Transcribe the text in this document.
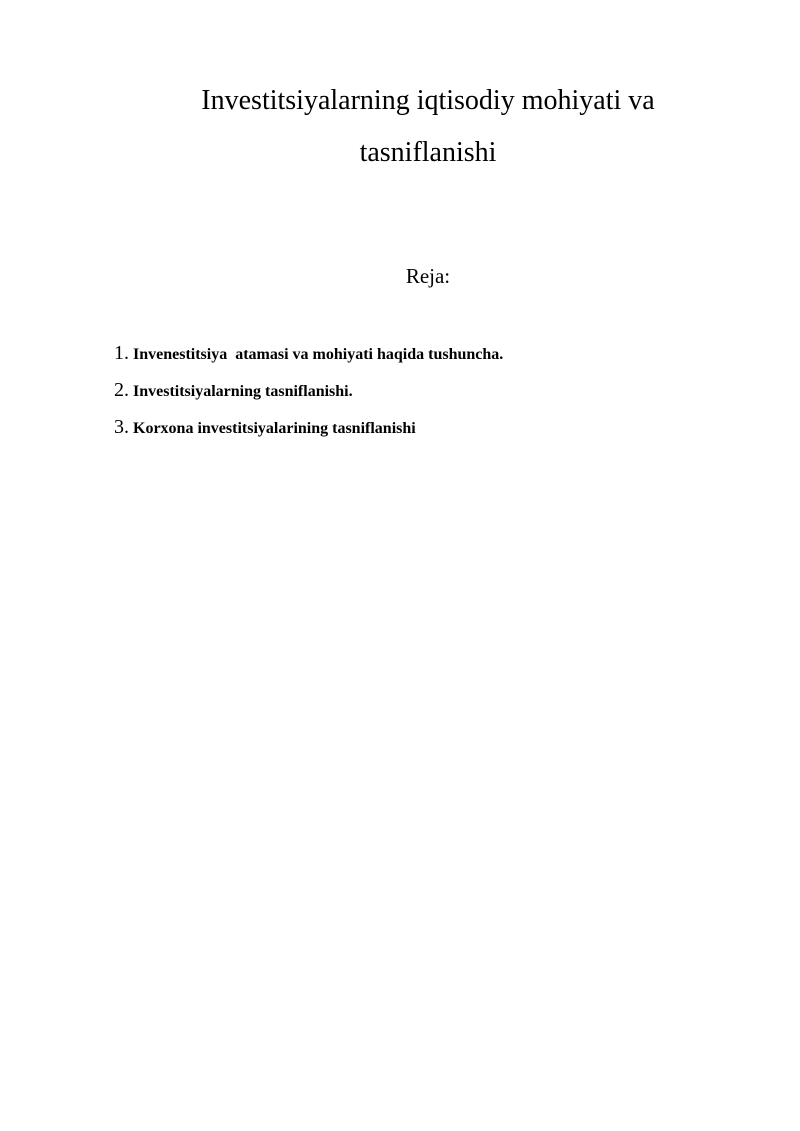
Investitsiyalarning iqtisodiy mohiyati va
tasniflanishi
Reja:
1. Invenestitsiya  atamasi va mohiyati haqida tushuncha.
2. Investitsiyalarning tasniflanishi.
3. Korxona investitsiyalarining tasniflanishi
